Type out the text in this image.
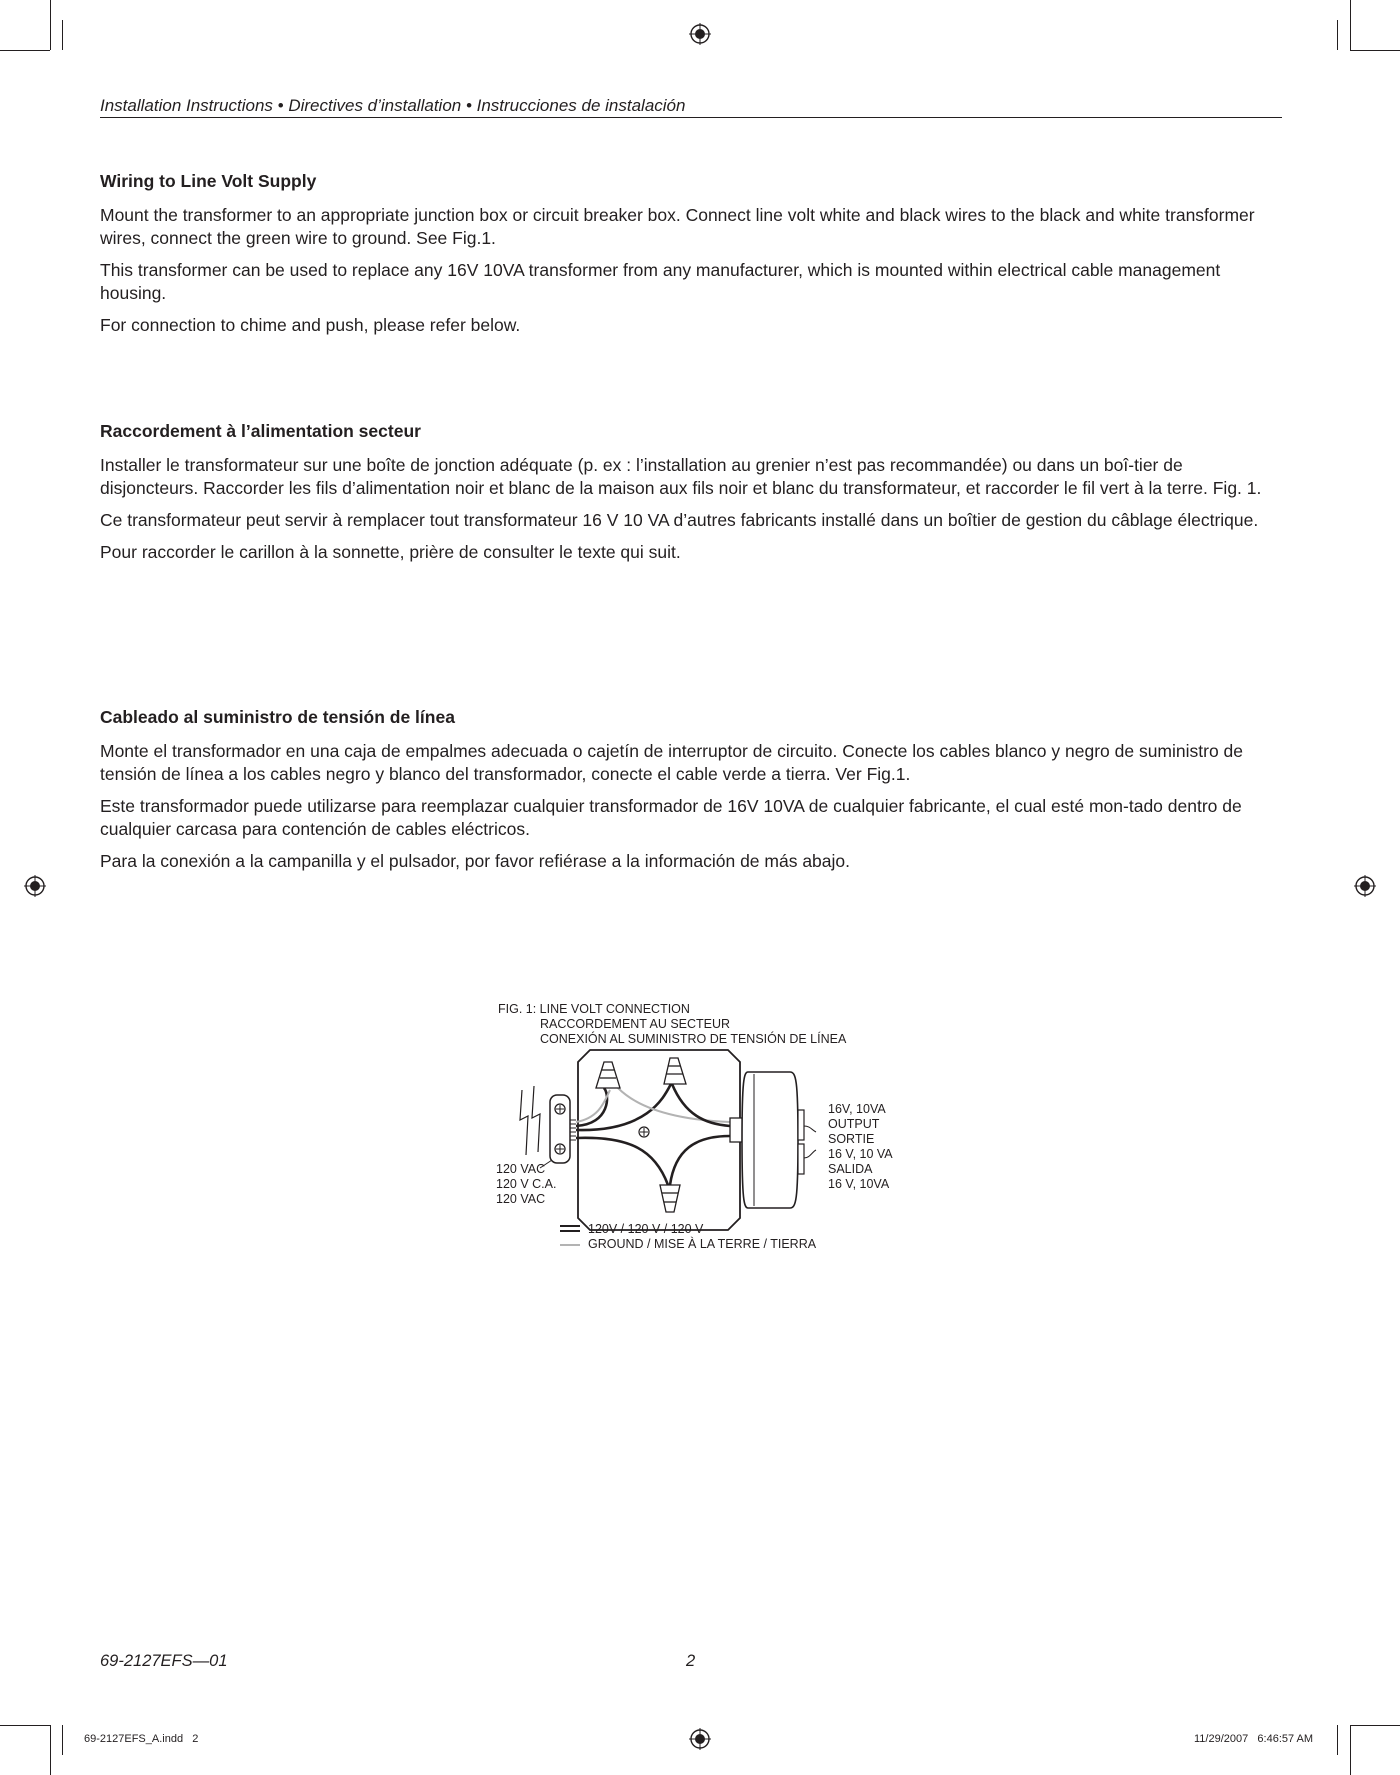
Installation Instructions • Directives d’installation • Instrucciones de instalación
Wiring to Line Volt Supply

Mount the transformer to an appropriate junction box or circuit breaker box. Connect line volt white and black wires to the black and white transformer wires, connect the green wire to ground. See Fig.1.

This transformer can be used to replace any 16V 10VA transformer from any manufacturer, which is mounted within electrical cable management housing.

For connection to chime and push, please refer below.

Raccordement à l’alimentation secteur

Installer le transformateur sur une boîte de jonction adéquate (p. ex : l’installation au grenier n’est pas recommandée) ou dans un boî-tier de disjoncteurs. Raccorder les fils d’alimentation noir et blanc de la maison aux fils noir et blanc du transformateur, et raccorder le fil vert à la terre. Fig. 1.

Ce transformateur peut servir à remplacer tout transformateur 16 V 10 VA d’autres fabricants installé dans un boîtier de gestion du câblage électrique.

Pour raccorder le carillon à la sonnette, prière de consulter le texte qui suit.

Cableado al suministro de tensión de línea

Monte el transformador en una caja de empalmes adecuada o cajetín de interruptor de circuito. Conecte los cables blanco y negro de suministro de tensión de línea a los cables negro y blanco del transformador, conecte el cable verde a tierra. Ver Fig.1.

Este transformador puede utilizarse para reemplazar cualquier transformador de 16V 10VA de cualquier fabricante, el cual esté mon-tado dentro de cualquier carcasa para contención de cables eléctricos.

Para la conexión a la campanilla y el pulsador, por favor refiérase a la información de más abajo.

FIG. 1: LINE VOLT CONNECTION
RACCORDEMENT AU SECTEUR
CONEXIÓN AL SUMINISTRO DE TENSIÓN DE LÍNEA
120 VAC
120 V C.A.
120 VAC
16V, 10VA
OUTPUT
SORTIE
16 V, 10 VA
SALIDA
16 V, 10VA
120V / 120 V / 120 V
GROUND / MISE À LA TERRE / TIERRA
69-2127EFS—01	2
69-2127EFS_A.indd   2	11/29/2007   6:46:57 AM
